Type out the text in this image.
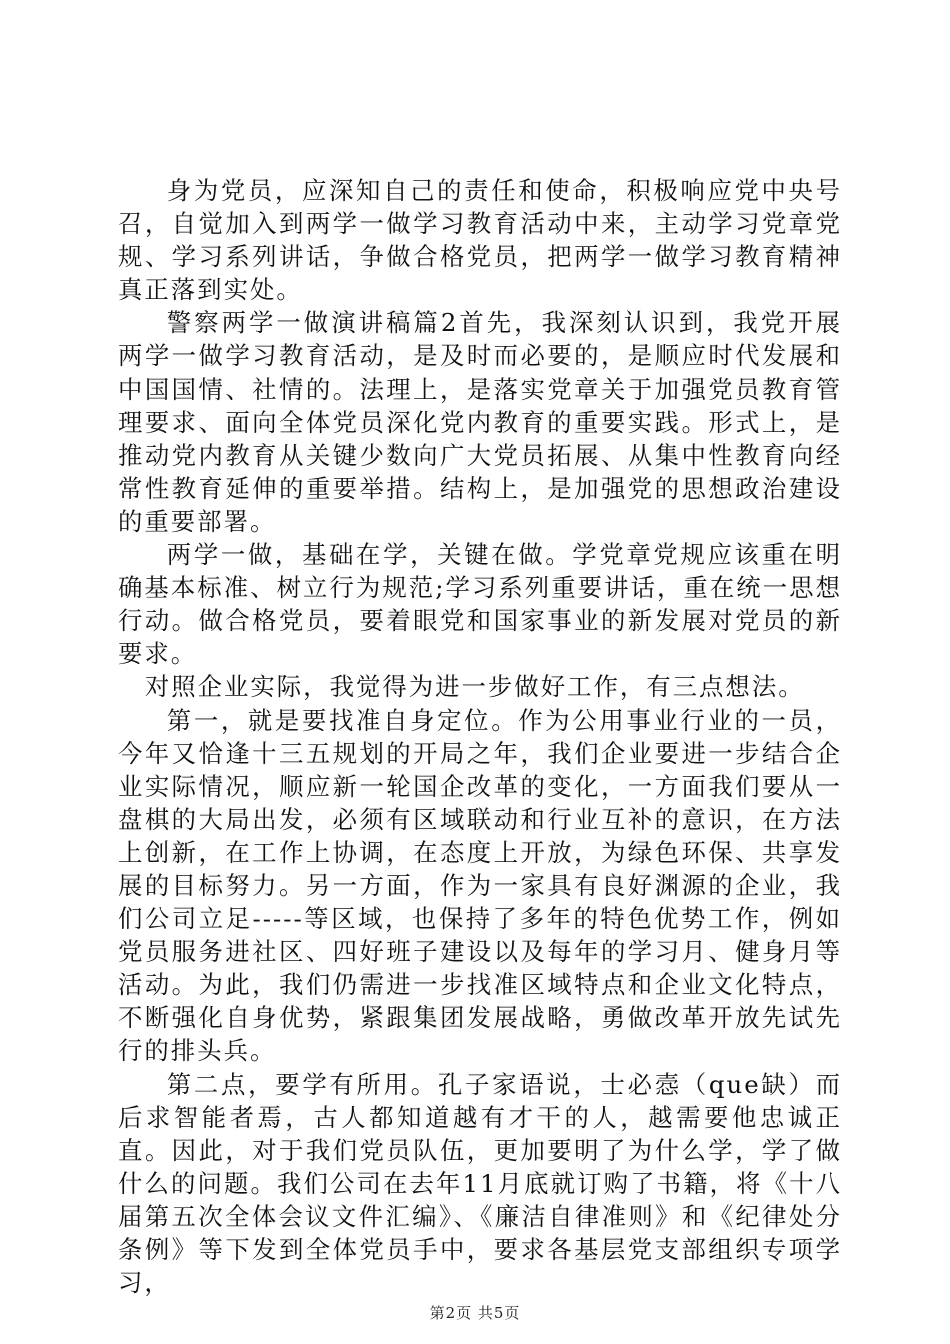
身为党员，应深知自己的责任和使命，积极响应党中央号召，自觉加入到两学一做学习教育活动中来，主动学习党章党规、学习系列讲话，争做合格党员，把两学一做学习教育精神真正落到实处。

警察两学一做演讲稿篇2首先，我深刻认识到，我党开展两学一做学习教育活动，是及时而必要的，是顺应时代发展和中国国情、社情的。法理上，是落实党章关于加强党员教育管理要求、面向全体党员深化党内教育的重要实践。形式上，是推动党内教育从关键少数向广大党员拓展、从集中性教育向经常性教育延伸的重要举措。结构上，是加强党的思想政治建设的重要部署。

两学一做，基础在学，关键在做。学党章党规应该重在明确基本标准、树立行为规范;学习系列重要讲话，重在统一思想行动。做合格党员，要着眼党和国家事业的新发展对党员的新要求。

对照企业实际，我觉得为进一步做好工作，有三点想法。

第一，就是要找准自身定位。作为公用事业行业的一员，今年又恰逢十三五规划的开局之年，我们企业要进一步结合企业实际情况，顺应新一轮国企改革的变化，一方面我们要从一盘棋的大局出发，必须有区域联动和行业互补的意识，在方法上创新，在工作上协调，在态度上开放，为绿色环保、共享发展的目标努力。另一方面，作为一家具有良好渊源的企业，我们公司立足-----等区域，也保持了多年的特色优势工作，例如党员服务进社区、四好班子建设以及每年的学习月、健身月等活动。为此，我们仍需进一步找准区域特点和企业文化特点，不断强化自身优势，紧跟集团发展战略，勇做改革开放先试先行的排头兵。

第二点，要学有所用。孔子家语说，士必悫（que缺）而后求智能者焉，古人都知道越有才干的人，越需要他忠诚正直。因此，对于我们党员队伍，更加要明了为什么学，学了做什么的问题。我们公司在去年11月底就订购了书籍，将《十八届第五次全体会议文件汇编》、《廉洁自律准则》和《纪律处分条例》等下发到全体党员手中，要求各基层党支部组织专项学习，

第2页 共5页
